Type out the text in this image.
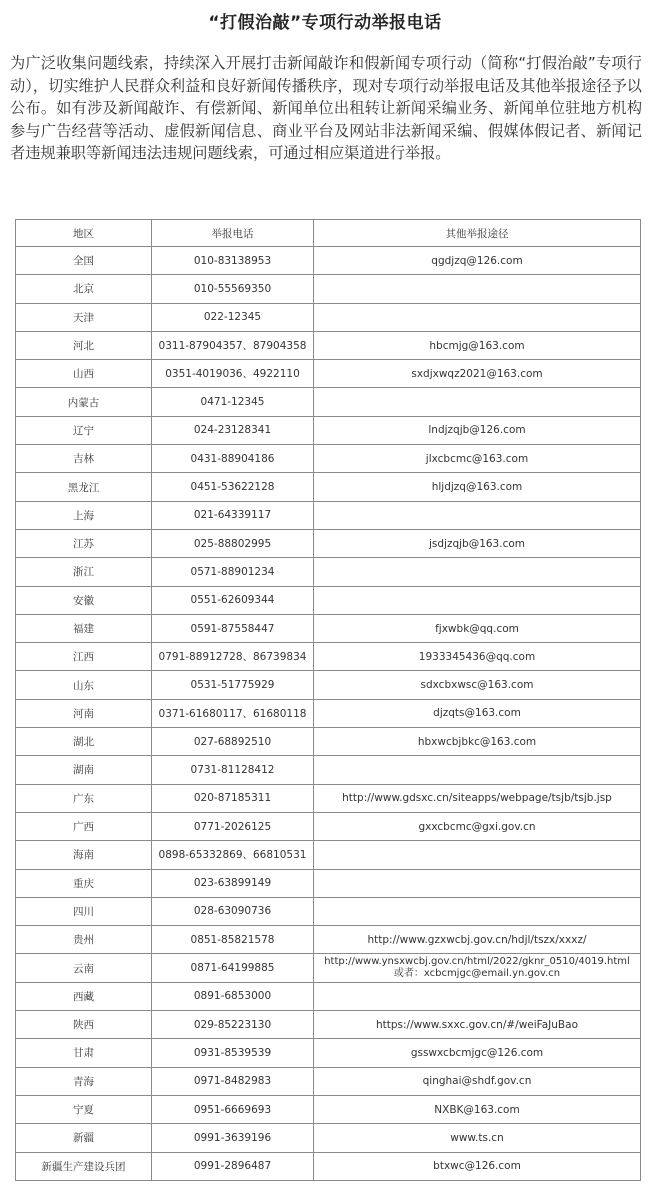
“打假治敲”专项行动举报电话

为广泛收集问题线索，持续深入开展打击新闻敲诈和假新闻专项行动（简称“打假治敲”专项行动），切实维护人民群众利益和良好新闻传播秩序，现对专项行动举报电话及其他举报途径予以公布。如有涉及新闻敲诈、有偿新闻、新闻单位出租转让新闻采编业务、新闻单位驻地方机构参与广告经营等活动、虚假新闻信息、商业平台及网站非法新闻采编、假媒体假记者、新闻记者违规兼职等新闻违法违规问题线索，可通过相应渠道进行举报。

地区	举报电话	其他举报途径
全国	010-83138953	qgdjzq@126.com
北京	010-55569350	
天津	022-12345	
河北	0311-87904357、87904358	hbcmjg@163.com
山西	0351-4019036、4922110	sxdjxwqz2021@163.com
内蒙古	0471-12345	
辽宁	024-23128341	lndjzqjb@126.com
吉林	0431-88904186	jlxcbcmc@163.com
黑龙江	0451-53622128	hljdjzq@163.com
上海	021-64339117	
江苏	025-88802995	jsdjzqjb@163.com
浙江	0571-88901234	
安徽	0551-62609344	
福建	0591-87558447	fjxwbk@qq.com
江西	0791-88912728、86739834	1933345436@qq.com
山东	0531-51775929	sdxcbxwsc@163.com
河南	0371-61680117、61680118	djzqts@163.com
湖北	027-68892510	hbxwcbjbkc@163.com
湖南	0731-81128412	
广东	020-87185311	http://www.gdsxc.cn/siteapps/webpage/tsjb/tsjb.jsp
广西	0771-2026125	gxxcbcmc@gxi.gov.cn
海南	0898-65332869、66810531	
重庆	023-63899149	
四川	028-63090736	
贵州	0851-85821578	http://www.gzxwcbj.gov.cn/hdjl/tszx/xxxz/
云南	0871-64199885	http://www.ynsxwcbj.gov.cn/html/2022/gknr_0510/4019.html
或者：xcbcmjgc@email.yn.gov.cn

西藏	0891-6853000	
陕西	029-85223130	https://www.sxxc.gov.cn/#/weiFaJuBao
甘肃	0931-8539539	gsswxcbcmjgc@126.com
青海	0971-8482983	qinghai@shdf.gov.cn
宁夏	0951-6669693	NXBK@163.com
新疆	0991-3639196	www.ts.cn
新疆生产建设兵团	0991-2896487	btxwc@126.com
